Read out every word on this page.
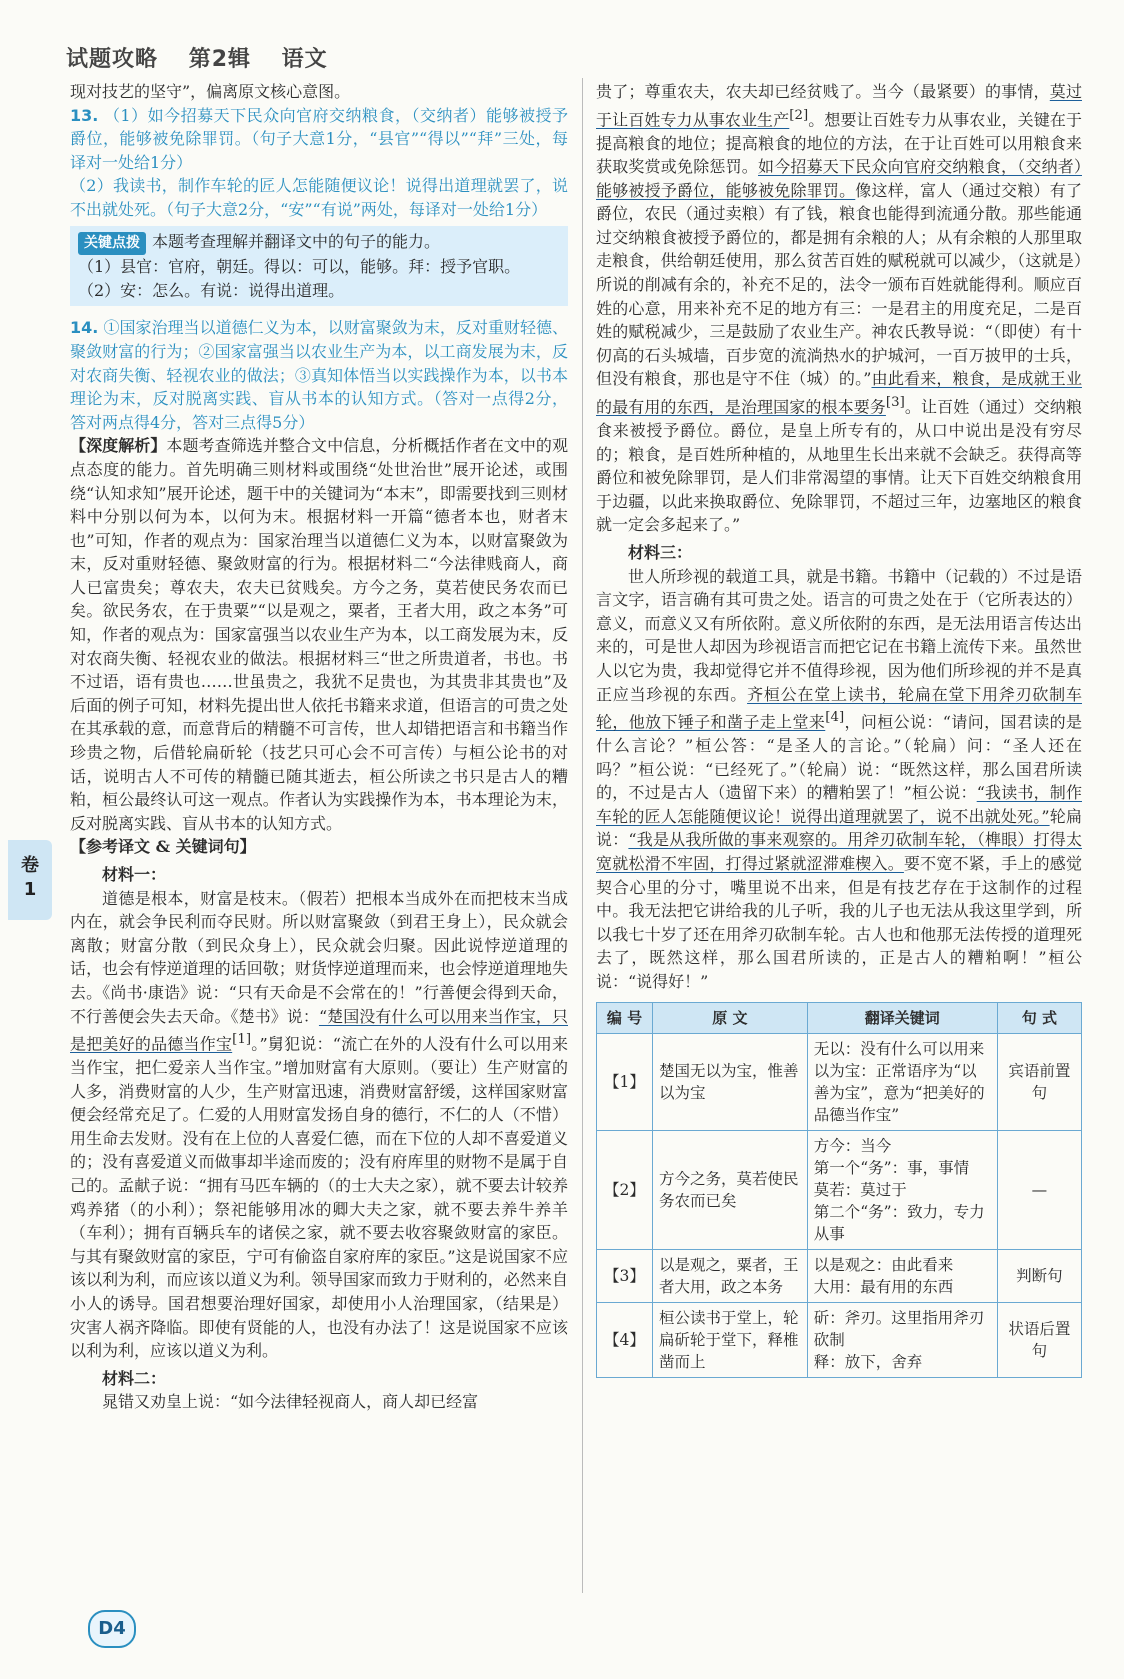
试题攻略 第2辑 语文
卷
1

现对技艺的坚守”，偏离原文核心意图。

13. （1）如今招募天下民众向官府交纳粮食，（交纳者）能够被授予爵位，能够被免除罪罚。（句子大意1分，“县官”“得以”“拜”三处，每译对一处给1分）

（2）我读书，制作车轮的匠人怎能随便议论！说得出道理就罢了，说不出就处死。（句子大意2分，“安”“有说”两处，每译对一处给1分）

关键点拨 本题考查理解并翻译文中的句子的能力。

（1）县官：官府，朝廷。得以：可以，能够。拜：授予官职。

（2）安：怎么。有说：说得出道理。

14. ①国家治理当以道德仁义为本，以财富聚敛为末，反对重财轻德、聚敛财富的行为；②国家富强当以农业生产为本，以工商发展为末，反对农商失衡、轻视农业的做法；③真知体悟当以实践操作为本，以书本理论为末，反对脱离实践、盲从书本的认知方式。（答对一点得2分，答对两点得4分，答对三点得5分）

【深度解析】本题考查筛选并整合文中信息，分析概括作者在文中的观点态度的能力。首先明确三则材料或围绕“处世治世”展开论述，或围绕“认知求知”展开论述，题干中的关键词为“本末”，即需要找到三则材料中分别以何为本，以何为末。根据材料一开篇“德者本也，财者末也”可知，作者的观点为：国家治理当以道德仁义为本，以财富聚敛为末，反对重财轻德、聚敛财富的行为。根据材料二“今法律贱商人，商人已富贵矣；尊农夫，农夫已贫贱矣。方今之务，莫若使民务农而已矣。欲民务农，在于贵粟”“以是观之，粟者，王者大用，政之本务”可知，作者的观点为：国家富强当以农业生产为本，以工商发展为末，反对农商失衡、轻视农业的做法。根据材料三“世之所贵道者，书也。书不过语，语有贵也……世虽贵之，我犹不足贵也，为其贵非其贵也”及后面的例子可知，材料先提出世人依托书籍来求道，但语言的可贵之处在其承载的意，而意背后的精髓不可言传，世人却错把语言和书籍当作珍贵之物，后借轮扁斫轮（技艺只可心会不可言传）与桓公论书的对话，说明古人不可传的精髓已随其逝去，桓公所读之书只是古人的糟粕，桓公最终认可这一观点。作者认为实践操作为本，书本理论为末，反对脱离实践、盲从书本的认知方式。

【参考译文 & 关键词句】

材料一：

道德是根本，财富是枝末。（假若）把根本当成外在而把枝末当成内在，就会争民利而夺民财。所以财富聚敛（到君王身上），民众就会离散；财富分散（到民众身上），民众就会归聚。因此说悖逆道理的话，也会有悖逆道理的话回敬；财货悖逆道理而来，也会悖逆道理地失去。《尚书·康诰》说：“只有天命是不会常在的！”行善便会得到天命，不行善便会失去天命。《楚书》说：“楚国没有什么可以用来当作宝，只是把美好的品德当作宝[1]。”舅犯说：“流亡在外的人没有什么可以用来当作宝，把仁爱亲人当作宝。”增加财富有大原则。（要让）生产财富的人多，消费财富的人少，生产财富迅速，消费财富舒缓，这样国家财富便会经常充足了。仁爱的人用财富发扬自身的德行，不仁的人（不惜）用生命去发财。没有在上位的人喜爱仁德，而在下位的人却不喜爱道义的；没有喜爱道义而做事却半途而废的；没有府库里的财物不是属于自己的。孟献子说：“拥有马匹车辆的（的士大夫之家），就不要去计较养鸡养猪（的小利）；祭祀能够用冰的卿大夫之家，就不要去养牛养羊（车利）；拥有百辆兵车的诸侯之家，就不要去收容聚敛财富的家臣。与其有聚敛财富的家臣，宁可有偷盗自家府库的家臣。”这是说国家不应该以利为利，而应该以道义为利。领导国家而致力于财利的，必然来自小人的诱导。国君想要治理好国家，却使用小人治理国家，（结果是）灾害人祸齐降临。即使有贤能的人，也没有办法了！这是说国家不应该以利为利，应该以道义为利。

材料二：

晁错又劝皇上说：“如今法律轻视商人，商人却已经富

贵了；尊重农夫，农夫却已经贫贱了。当今（最紧要）的事情，莫过于让百姓专力从事农业生产[2]。想要让百姓专力从事农业，关键在于提高粮食的地位；提高粮食的地位的方法，在于让百姓可以用粮食来获取奖赏或免除惩罚。如今招募天下民众向官府交纳粮食，（交纳者）能够被授予爵位，能够被免除罪罚。像这样，富人（通过交粮）有了爵位，农民（通过卖粮）有了钱，粮食也能得到流通分散。那些能通过交纳粮食被授予爵位的，都是拥有余粮的人；从有余粮的人那里取走粮食，供给朝廷使用，那么贫苦百姓的赋税就可以减少，（这就是）所说的削减有余的，补充不足的，法令一颁布百姓就能得利。顺应百姓的心意，用来补充不足的地方有三：一是君主的用度充足，二是百姓的赋税减少，三是鼓励了农业生产。神农氏教导说：“（即使）有十仞高的石头城墙，百步宽的流淌热水的护城河，一百万披甲的士兵，但没有粮食，那也是守不住（城）的。”由此看来，粮食，是成就王业的最有用的东西，是治理国家的根本要务[3]。让百姓（通过）交纳粮食来被授予爵位。爵位，是皇上所专有的，从口中说出是没有穷尽的；粮食，是百姓所种植的，从地里生长出来就不会缺乏。获得高等爵位和被免除罪罚，是人们非常渴望的事情。让天下百姓交纳粮食用于边疆，以此来换取爵位、免除罪罚，不超过三年，边塞地区的粮食就一定会多起来了。”

材料三：

世人所珍视的载道工具，就是书籍。书籍中（记载的）不过是语言文字，语言确有其可贵之处。语言的可贵之处在于（它所表达的）意义，而意义又有所依附。意义所依附的东西，是无法用语言传达出来的，可是世人却因为珍视语言而把它记在书籍上流传下来。虽然世人以它为贵，我却觉得它并不值得珍视，因为他们所珍视的并不是真正应当珍视的东西。齐桓公在堂上读书，轮扁在堂下用斧刃砍制车轮，他放下锤子和凿子走上堂来[4]，问桓公说：“请问，国君读的是什么言论？”桓公答：“是圣人的言论。”（轮扁）问：“圣人还在吗？”桓公说：“已经死了。”（轮扁）说：“既然这样，那么国君所读的，不过是古人（遗留下来）的糟粕罢了！”桓公说：“我读书，制作车轮的匠人怎能随便议论！说得出道理就罢了，说不出就处死。”轮扁说：“我是从我所做的事来观察的。用斧刃砍制车轮，（榫眼）打得太宽就松滑不牢固，打得过紧就涩滞难楔入。要不宽不紧，手上的感觉契合心里的分寸，嘴里说不出来，但是有技艺存在于这制作的过程中。我无法把它讲给我的儿子听，我的儿子也无法从我这里学到，所以我七十岁了还在用斧刃砍制车轮。古人也和他那无法传授的道理死去了，既然这样，那么国君所读的，正是古人的糟粕啊！”桓公说：“说得好！”

编 号	原 文	翻译关键词	句 式
【1】	楚国无以为宝，惟善以为宝	无以：没有什么可以用来
以为宝：正常语序为“以善为宝”，意为“把美好的品德当作宝”	宾语前置句
【2】	方今之务，莫若使民务农而已矣	方今：当今
第一个“务”：事，事情
莫若：莫过于
第二个“务”：致力，专力从事	—
【3】	以是观之，粟者，王者大用，政之本务	以是观之：由此看来
大用：最有用的东西	判断句
【4】	桓公读书于堂上，轮扁斫轮于堂下，释椎凿而上	斫：斧刃。这里指用斧刃砍制
释：放下，舍弃	状语后置句
D4
